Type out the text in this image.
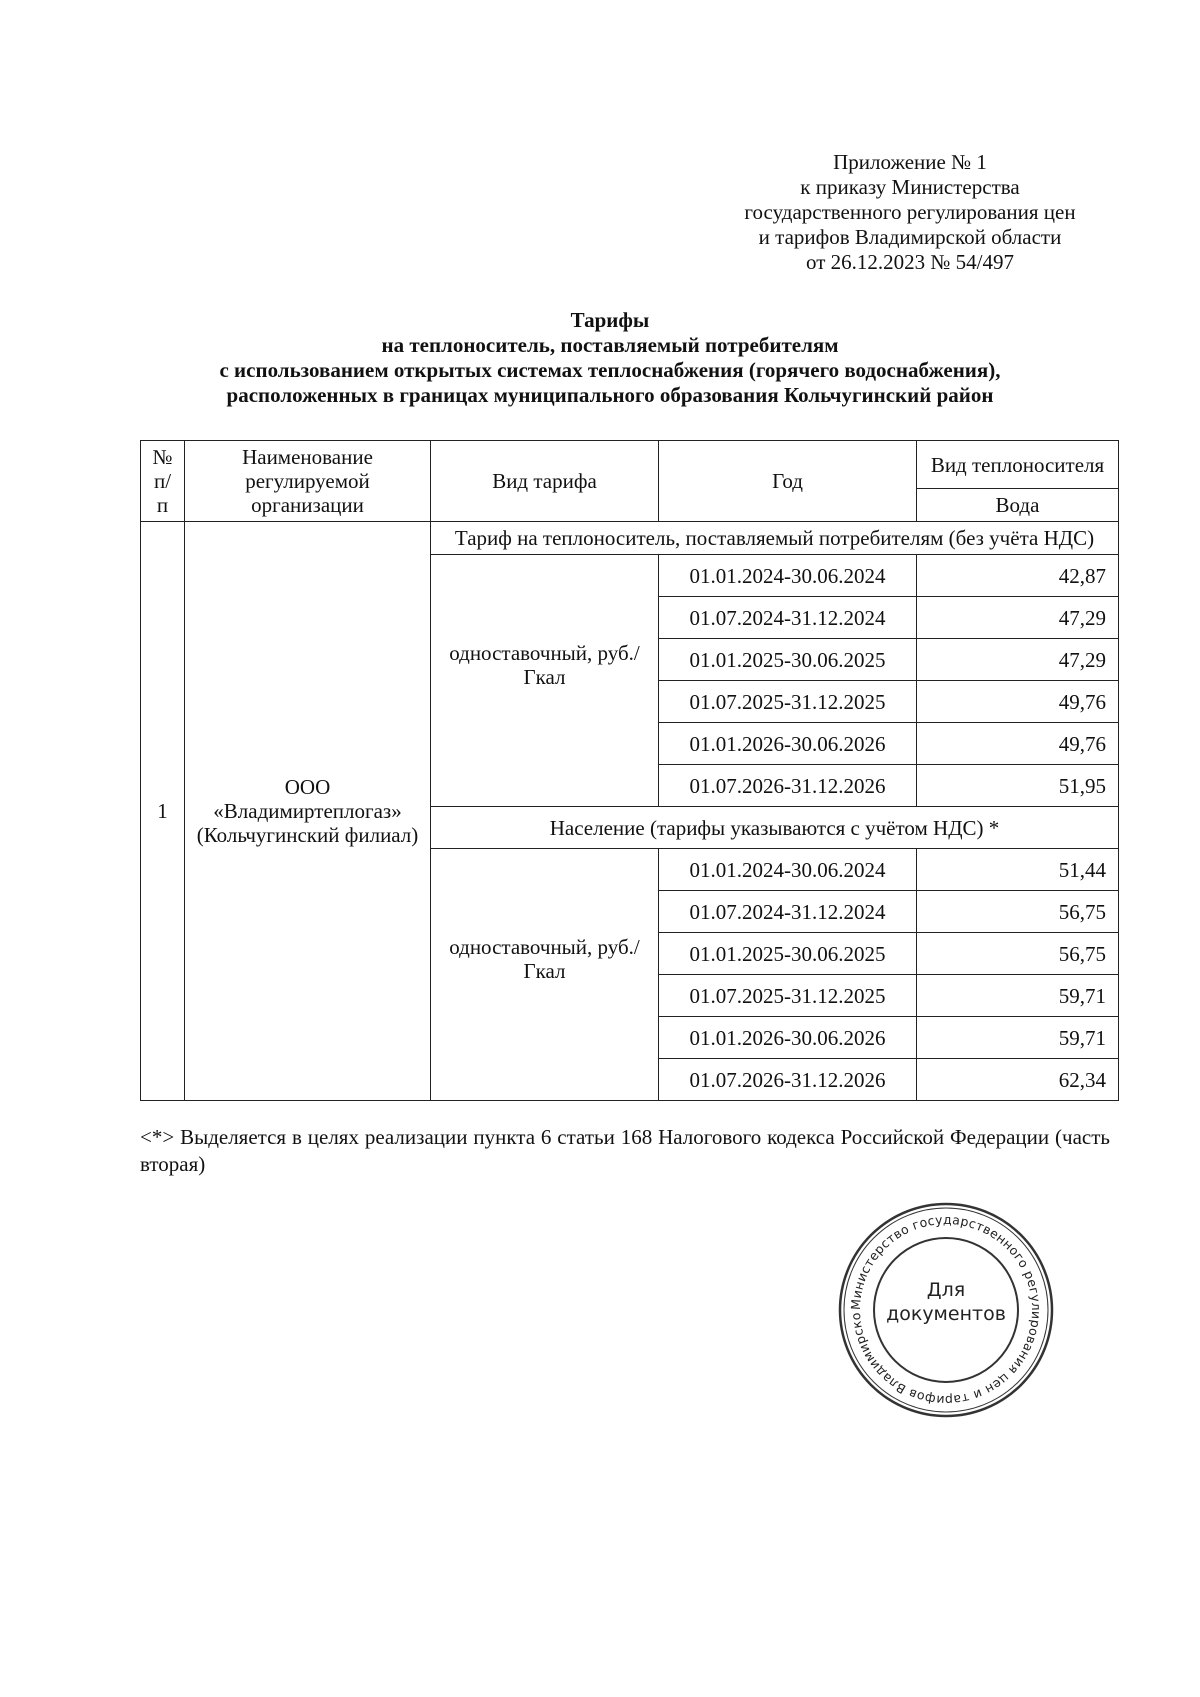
Приложение № 1
к приказу Министерства
государственного регулирования цен
и тарифов Владимирской области
от 26.12.2023 № 54/497
Тарифы
на теплоноситель, поставляемый потребителям
с использованием открытых системах теплоснабжения (горячего водоснабжения),
расположенных в границах муниципального образования Кольчугинский район
№ п/ п	Наименование регулируемой организации	Вид тарифа	Год	Вид теплоносителя
				Вода
1	ООО «Владимиртеплогаз» (Кольчугинский филиал)	Тариф на теплоноситель, поставляемый потребителям (без учёта НДС)		
		одноставочный, руб./Гкал	01.01.2024-30.06.2024	42,87
			01.07.2024-31.12.2024	47,29
			01.01.2025-30.06.2025	47,29
			01.07.2025-31.12.2025	49,76
			01.01.2026-30.06.2026	49,76
			01.07.2026-31.12.2026	51,95
		Население (тарифы указываются с учётом НДС) *		
		одноставочный, руб./Гкал	01.01.2024-30.06.2024	51,44
			01.07.2024-31.12.2024	56,75
			01.01.2025-30.06.2025	56,75
			01.07.2025-31.12.2025	59,71
			01.01.2026-30.06.2026	59,71
			01.07.2026-31.12.2026	62,34
<*> Выделяется в целях реализации пункта 6 статьи 168 Налогового кодекса Российской Федерации (часть вторая)
Министерство государственного регулирования цен и тарифов Владимирско
Для
документов
